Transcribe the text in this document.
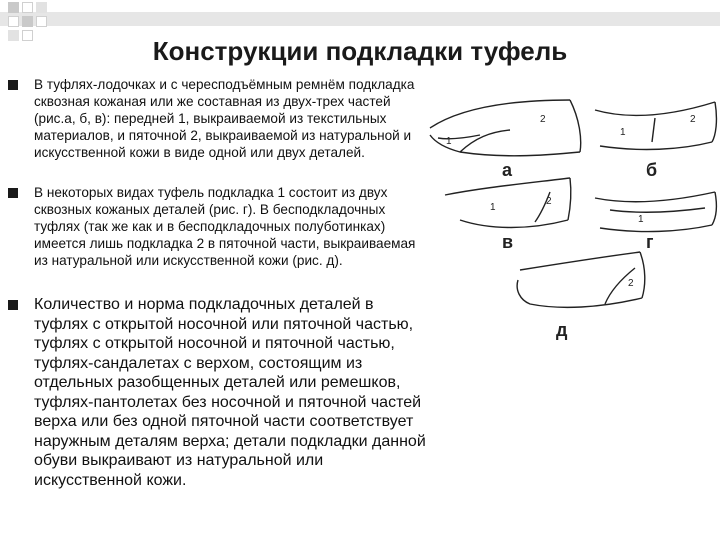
Конструкции подкладки туфель
В туфлях-лодочках и с чересподъёмным ремнём подкладка сквозная кожаная или же составная из двух-трех частей (рис.а, б, в): передней 1, выкраиваемой из текстильных материалов, и пяточной 2, выкраиваемой из натуральной и искусственной кожи в виде одной или двух деталей.
В некоторых видах туфель подкладка 1 состоит из двух сквозных кожаных деталей (рис. г). В бесподкладочных туфлях (так же как и в бесподкладочных полуботинках) имеется лишь подкладка 2 в пяточной части, выкраиваемая из натуральной или искусственной кожи (рис. д).
Количество и норма подкладочных деталей в туфлях с открытой носочной или пяточной частью, туфлях с открытой носочной и пяточной частью, туфлях-сандалетах с верхом, состоящим из отдельных разобщенных деталей или ремешков, туфлях-пантолетах без носочной и пяточной частей верха или без одной пяточной части соответствует наружным деталям верха; детали подкладки данной обуви выкраивают из натуральной или искусственной кожи.
1
2
а
1
2
б
1
2
в
1
г
2
д
